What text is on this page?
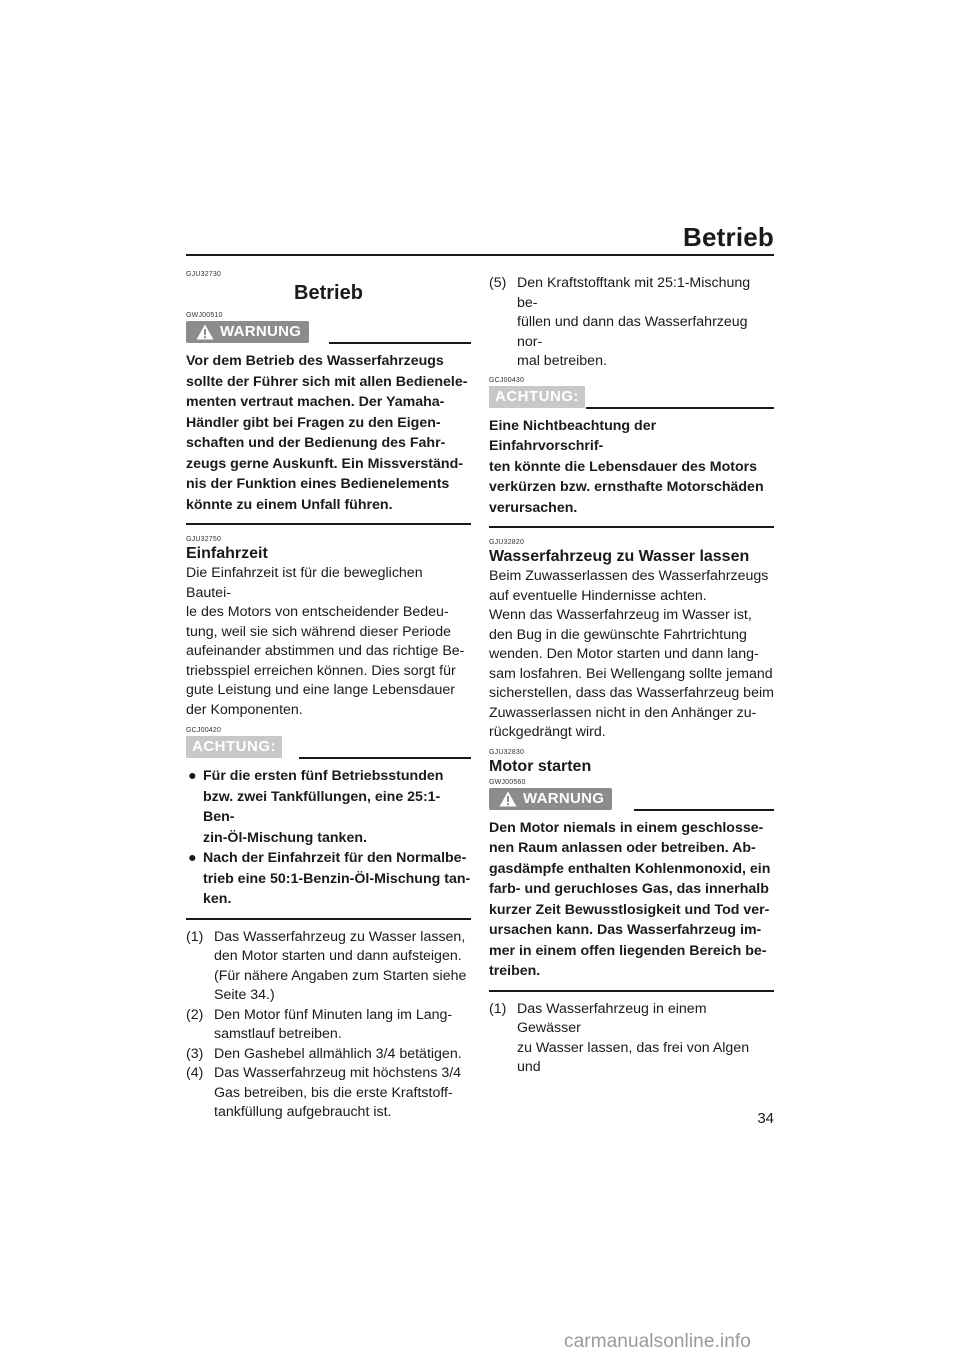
Betrieb
GJU32730
Betrieb
GWJ00510
WARNUNG
Vor dem Betrieb des Wasserfahrzeugs
sollte der Führer sich mit allen Bedienele-
menten vertraut machen. Der Yamaha-
Händler gibt bei Fragen zu den Eigen-
schaften und der Bedienung des Fahr-
zeugs gerne Auskunft. Ein Missverständ-
nis der Funktion eines Bedienelements
könnte zu einem Unfall führen.
GJU32750
Einfahrzeit
Die Einfahrzeit ist für die beweglichen Bautei-
le des Motors von entscheidender Bedeu-
tung, weil sie sich während dieser Periode
aufeinander abstimmen und das richtige Be-
triebsspiel erreichen können. Dies sorgt für
gute Leistung und eine lange Lebensdauer
der Komponenten.
GCJ00420
ACHTUNG:
● Für die ersten fünf Betriebsstunden
bzw. zwei Tankfüllungen, eine 25:1-Ben-
zin-Öl-Mischung tanken.
● Nach der Einfahrzeit für den Normalbe-
trieb eine 50:1-Benzin-Öl-Mischung tan-
ken.
(1) Das Wasserfahrzeug zu Wasser lassen,
den Motor starten und dann aufsteigen.
(Für nähere Angaben zum Starten siehe
Seite 34.)
(2) Den Motor fünf Minuten lang im Lang-
samstlauf betreiben.
(3) Den Gashebel allmählich 3/4 betätigen.
(4) Das Wasserfahrzeug mit höchstens 3/4
Gas betreiben, bis die erste Kraftstoff-
tankfüllung aufgebraucht ist.
(5) Den Kraftstofftank mit 25:1-Mischung be-
füllen und dann das Wasserfahrzeug nor-
mal betreiben.
GCJ00430
ACHTUNG:
Eine Nichtbeachtung der Einfahrvorschrif-
ten könnte die Lebensdauer des Motors
verkürzen bzw. ernsthafte Motorschäden
verursachen.
GJU32820
Wasserfahrzeug zu Wasser lassen
Beim Zuwasserlassen des Wasserfahrzeugs
auf eventuelle Hindernisse achten.
Wenn das Wasserfahrzeug im Wasser ist,
den Bug in die gewünschte Fahrtrichtung
wenden. Den Motor starten und dann lang-
sam losfahren. Bei Wellengang sollte jemand
sicherstellen, dass das Wasserfahrzeug beim
Zuwasserlassen nicht in den Anhänger zu-
rückgedrängt wird.
GJU32830
Motor starten
GWJ00560
WARNUNG
Den Motor niemals in einem geschlosse-
nen Raum anlassen oder betreiben. Ab-
gasdämpfe enthalten Kohlenmonoxid, ein
farb- und geruchloses Gas, das innerhalb
kurzer Zeit Bewusstlosigkeit und Tod ver-
ursachen kann. Das Wasserfahrzeug im-
mer in einem offen liegenden Bereich be-
treiben.
(1) Das Wasserfahrzeug in einem Gewässer
zu Wasser lassen, das frei von Algen und
34
carmanualsonline.info
